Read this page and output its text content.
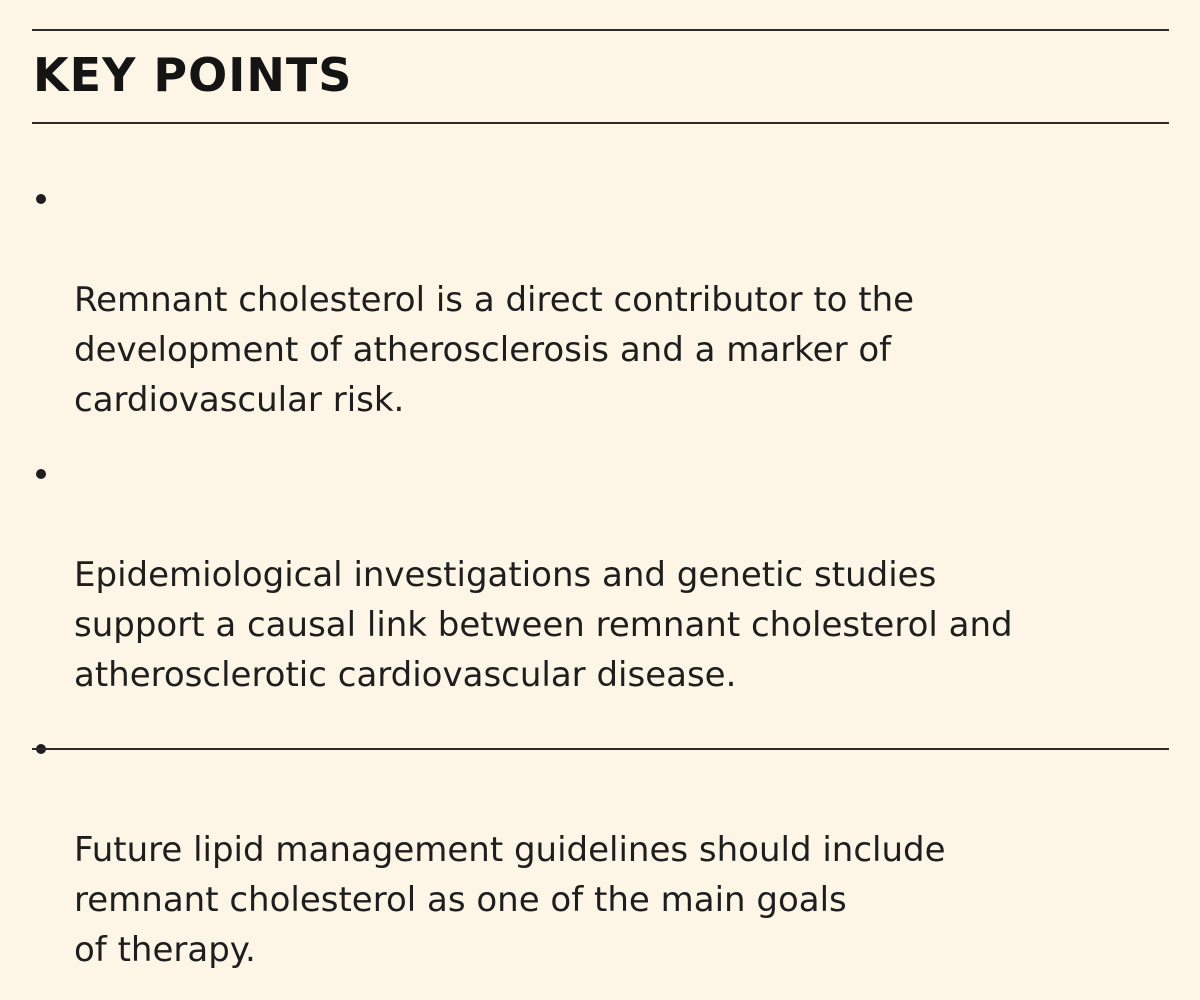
KEY POINTS

Remnant cholesterol is a direct contributor to the
development of atherosclerosis and a marker of
cardiovascular risk.

Epidemiological investigations and genetic studies
support a causal link between remnant cholesterol and
atherosclerotic cardiovascular disease.

Future lipid management guidelines should include
remnant cholesterol as one of the main goals
of therapy.
